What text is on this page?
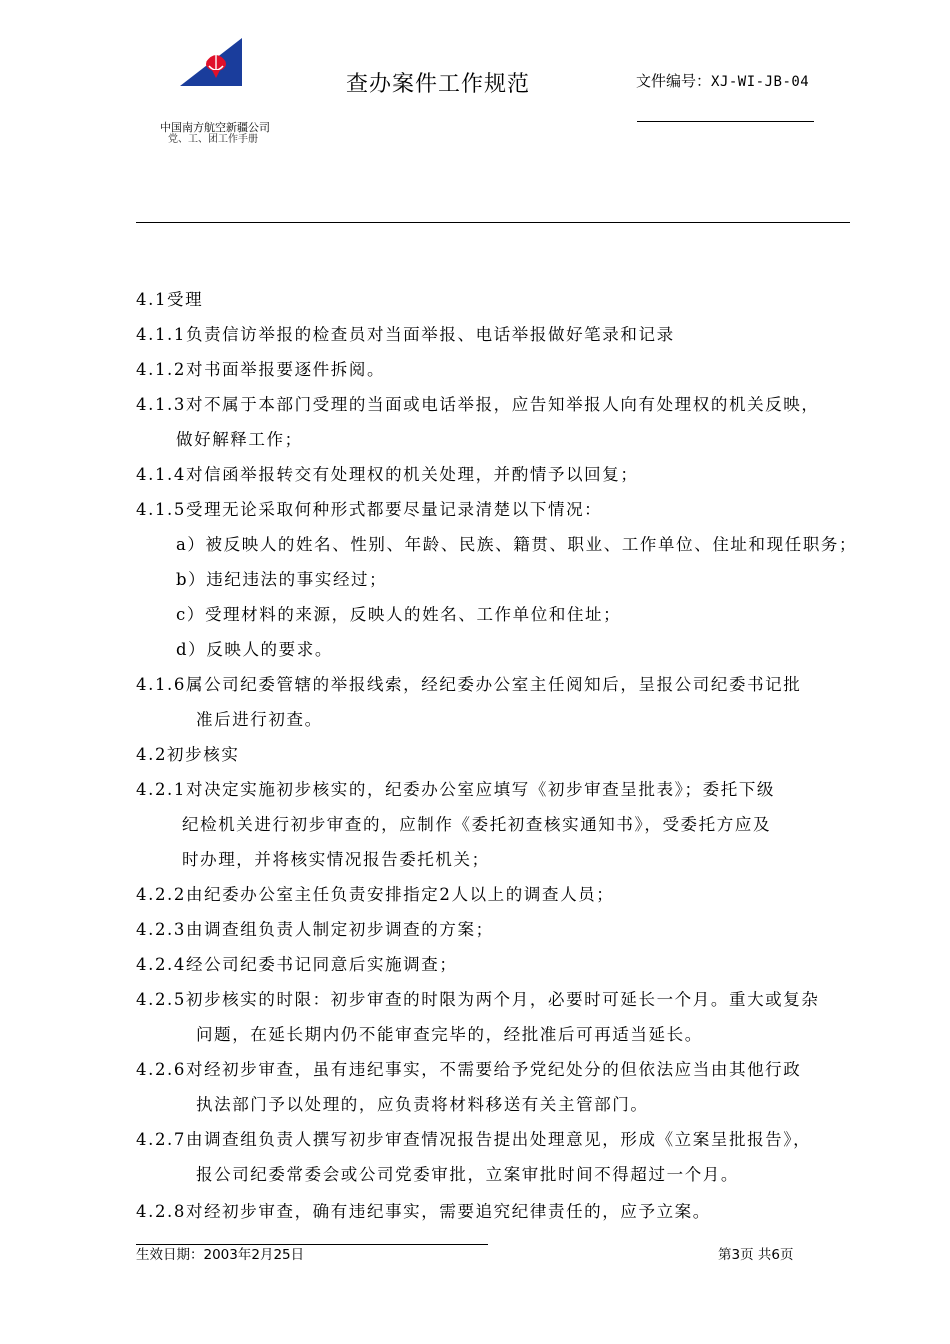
中国南方航空新疆公司
党、工、团工作手册
查办案件工作规范	文件编号：XJ-WI-JB-04
4.1受理
4.1.1负责信访举报的检查员对当面举报、电话举报做好笔录和记录
4.1.2对书面举报要逐件拆阅。
4.1.3对不属于本部门受理的当面或电话举报，应告知举报人向有处理权的机关反映，
做好解释工作；
4.1.4对信函举报转交有处理权的机关处理，并酌情予以回复；
4.1.5受理无论采取何种形式都要尽量记录清楚以下情况：
a）被反映人的姓名、性别、年龄、民族、籍贯、职业、工作单位、住址和现任职务；
b）违纪违法的事实经过；
c）受理材料的来源，反映人的姓名、工作单位和住址；
d）反映人的要求。
4.1.6属公司纪委管辖的举报线索，经纪委办公室主任阅知后，呈报公司纪委书记批
准后进行初查。
4.2初步核实
4.2.1对决定实施初步核实的，纪委办公室应填写《初步审查呈批表》；委托下级
纪检机关进行初步审查的，应制作《委托初查核实通知书》，受委托方应及
时办理，并将核实情况报告委托机关；
4.2.2由纪委办公室主任负责安排指定2人以上的调查人员；
4.2.3由调查组负责人制定初步调查的方案；
4.2.4经公司纪委书记同意后实施调查；
4.2.5初步核实的时限：初步审查的时限为两个月，必要时可延长一个月。重大或复杂
问题，在延长期内仍不能审查完毕的，经批准后可再适当延长。
4.2.6对经初步审查，虽有违纪事实，不需要给予党纪处分的但依法应当由其他行政
执法部门予以处理的，应负责将材料移送有关主管部门。
4.2.7由调查组负责人撰写初步审查情况报告提出处理意见，形成《立案呈批报告》，
报公司纪委常委会或公司党委审批，立案审批时间不得超过一个月。
4.2.8对经初步审查，确有违纪事实，需要追究纪律责任的，应予立案。
生效日期：2003年2月25日	第3页 共6页
